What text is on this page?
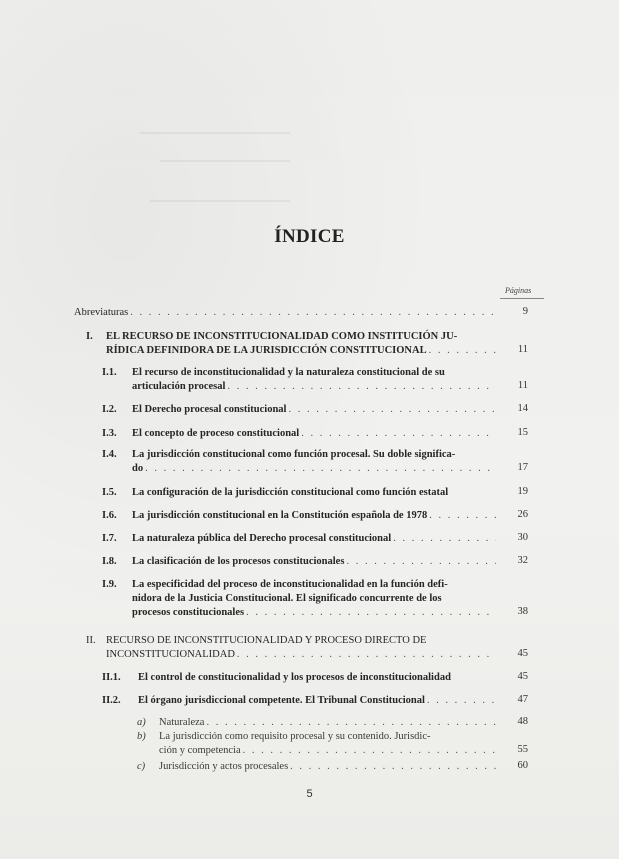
ÍNDICE
Páginas
Abreviaturas . . .	9
I.	EL RECURSO DE INCONSTITUCIONALIDAD COMO INSTITUCIÓN JU-
RÍDICA DEFINIDORA DE LA JURISDICCIÓN CONSTITUCIONAL . . .	11
I.1.	El recurso de inconstitucionalidad y la naturaleza constitucional de su
articulación procesal . . .	11
I.2.	El Derecho procesal constitucional . . .	14
I.3.	El concepto de proceso constitucional . . .	15
I.4.	La jurisdicción constitucional como función procesal. Su doble significa-
do . . .	17
I.5.	La configuración de la jurisdicción constitucional como función estatal	19
I.6.	La jurisdicción constitucional en la Constitución española de 1978 . . .	26
I.7.	La naturaleza pública del Derecho procesal constitucional . . .	30
I.8.	La clasificación de los procesos constitucionales . . .	32
I.9.	La especificidad del proceso de inconstitucionalidad en la función defi-
nidora de la Justicia Constitucional. El significado concurrente de los
procesos constitucionales . . .	38
II. RECURSO DE INCONSTITUCIONALIDAD Y PROCESO DIRECTO DE
INCONSTITUCIONALIDAD . . .	45
II.1.	El control de constitucionalidad y los procesos de inconstitucionalidad	45
II.2.	El órgano jurisdiccional competente. El Tribunal Constitucional . . .	47
a)	Naturaleza . . .	48
b)	La jurisdicción como requisito procesal y su contenido. Jurisdic-
ción y competencia . . .	55
c)	Jurisdicción y actos procesales . . .	60
5
